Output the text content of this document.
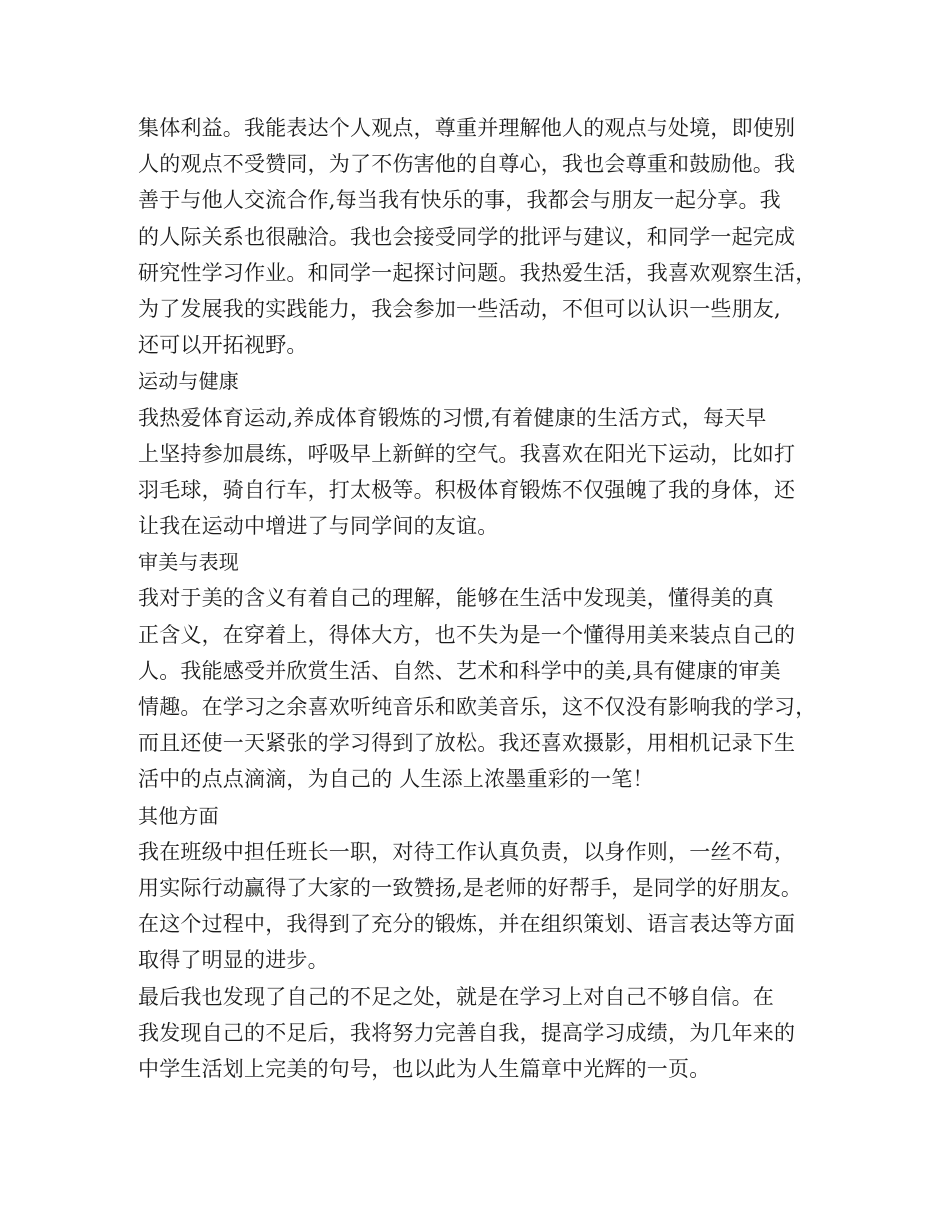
集体利益。我能表达个人观点，尊重并理解他人的观点与处境，即使别
人的观点不受赞同，为了不伤害他的自尊心，我也会尊重和鼓励他。我
善于与他人交流合作,每当我有快乐的事，我都会与朋友一起分享。我
的人际关系也很融洽。我也会接受同学的批评与建议，和同学一起完成
研究性学习作业。和同学一起探讨问题。我热爱生活，我喜欢观察生活，
为了发展我的实践能力，我会参加一些活动，不但可以认识一些朋友,
还可以开拓视野。
运动与健康
我热爱体育运动,养成体育锻炼的习惯,有着健康的生活方式，每天早
上坚持参加晨练，呼吸早上新鲜的空气。我喜欢在阳光下运动，比如打
羽毛球，骑自行车，打太极等。积极体育锻炼不仅强魄了我的身体，还
让我在运动中增进了与同学间的友谊。
审美与表现
我对于美的含义有着自己的理解，能够在生活中发现美，懂得美的真
正含义，在穿着上，得体大方，也不失为是一个懂得用美来装点自己的
人。我能感受并欣赏生活、自然、艺术和科学中的美,具有健康的审美
情趣。在学习之余喜欢听纯音乐和欧美音乐，这不仅没有影响我的学习，
而且还使一天紧张的学习得到了放松。我还喜欢摄影，用相机记录下生
活中的点点滴滴，为自己的 人生添上浓墨重彩的一笔！
其他方面
我在班级中担任班长一职，对待工作认真负责，以身作则，一丝不苟，
用实际行动赢得了大家的一致赞扬,是老师的好帮手，是同学的好朋友。
在这个过程中，我得到了充分的锻炼，并在组织策划、语言表达等方面
取得了明显的进步。
最后我也发现了自己的不足之处，就是在学习上对自己不够自信。在
我发现自己的不足后，我将努力完善自我，提高学习成绩，为几年来的
中学生活划上完美的句号，也以此为人生篇章中光辉的一页。
